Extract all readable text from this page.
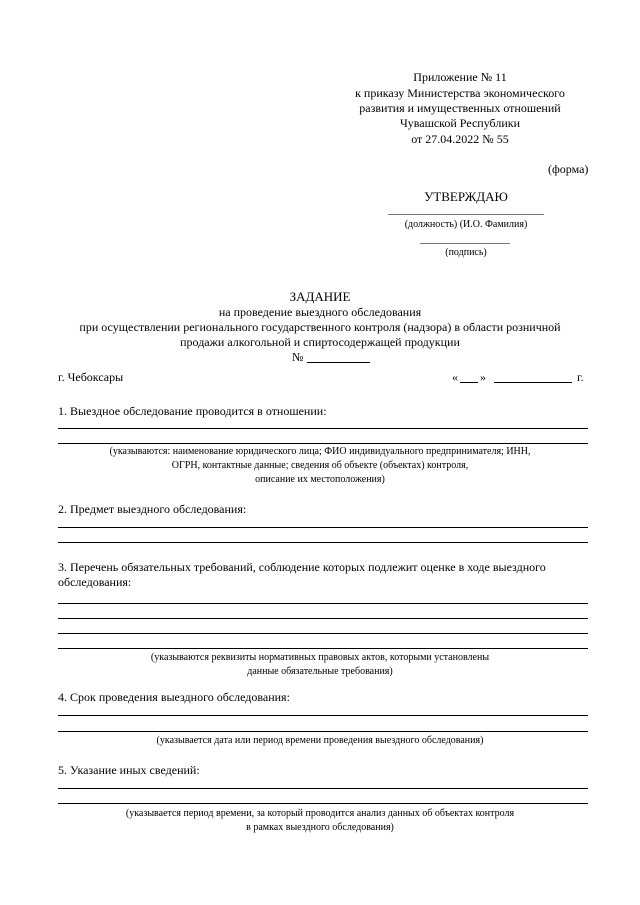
Приложение № 11
к приказу Министерства экономического
развития и имущественных отношений
Чувашской Республики
от 27.04.2022 № 55
(форма)
УТВЕРЖДАЮ
(должность) (И.О. Фамилия)
(подпись)
ЗАДАНИЕ
на проведение выездного обследования
при осуществлении регионального государственного контроля (надзора) в области розничной
продажи алкогольной и спиртосодержащей продукции
№
г. Чебоксары	« »	г.
1. Выездное обследование проводится в отношении:
(указываются: наименование юридического лица; ФИО индивидуального предпринимателя; ИНН,
ОГРН, контактные данные; сведения об объекте (объектах) контроля,
описание их местоположения)
2. Предмет выездного обследования:
3. Перечень обязательных требований, соблюдение которых подлежит оценке в ходе выездного
обследования:
(указываются реквизиты нормативных правовых актов, которыми установлены
данные обязательные требования)
4. Срок проведения выездного обследования:
(указывается дата или период времени проведения выездного обследования)
5. Указание иных сведений:
(указывается период времени, за который проводится анализ данных об объектах контроля
в рамках выездного обследования)
